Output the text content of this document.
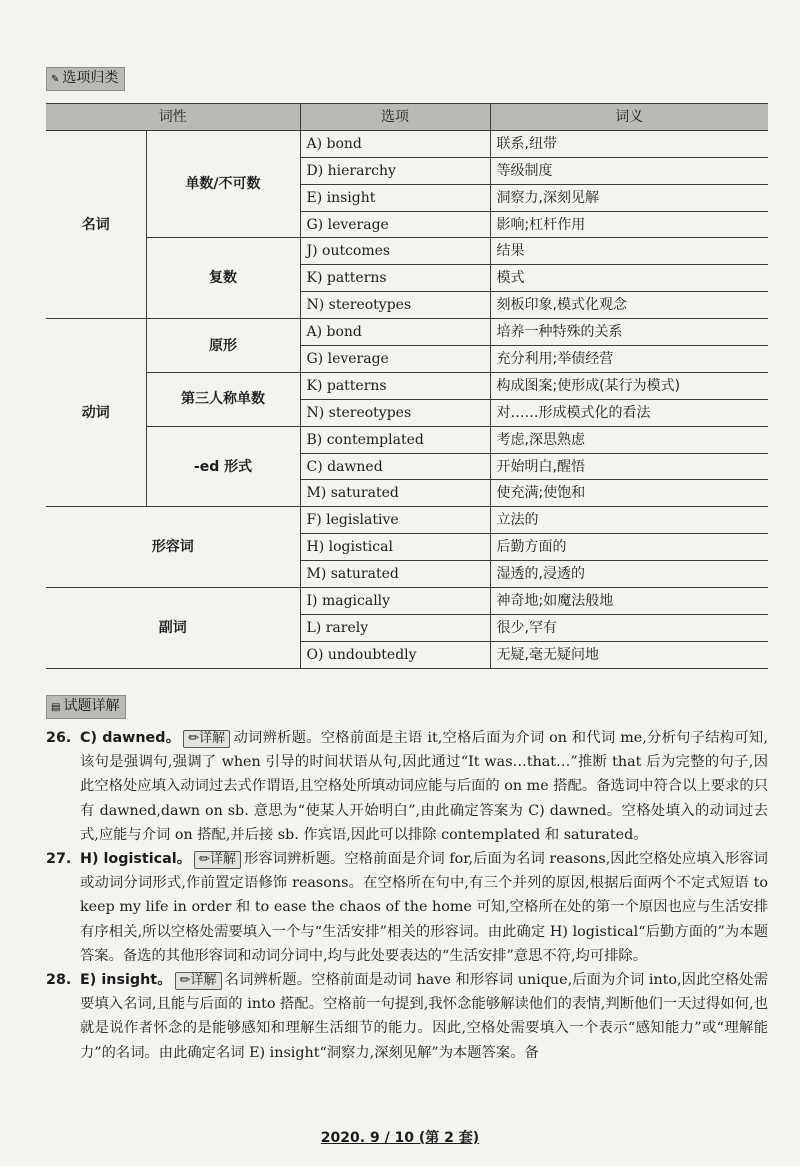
✎ 选项归类
词性		选项	词义
名词	单数/不可数	A) bond	联系,纽带
		D) hierarchy	等级制度
		E) insight	洞察力,深刻见解
		G) leverage	影响;杠杆作用
	复数	J) outcomes	结果
		K) patterns	模式
		N) stereotypes	刻板印象,模式化观念
动词	原形	A) bond	培养一种特殊的关系
		G) leverage	充分利用;举债经营
	第三人称单数	K) patterns	构成图案;使形成(某行为模式)
		N) stereotypes	对……形成模式化的看法
	-ed 形式	B) contemplated	考虑,深思熟虑
		C) dawned	开始明白,醒悟
		M) saturated	使充满;使饱和
形容词		F) legislative	立法的
		H) logistical	后勤方面的
		M) saturated	湿透的,浸透的
副词		I) magically	神奇地;如魔法般地
		L) rarely	很少,罕有
		O) undoubtedly	无疑,毫无疑问地
▤ 试题详解

26. C) dawned。 ✏详解 动词辨析题。空格前面是主语 it,空格后面为介词 on 和代词 me,分析句子结构可知,该句是强调句,强调了 when 引导的时间状语从句,因此通过“It was…that…”推断 that 后为完整的句子,因此空格处应填入动词过去式作谓语,且空格处所填动词应能与后面的 on me 搭配。备选词中符合以上要求的只有 dawned,dawn on sb. 意思为“使某人开始明白”,由此确定答案为 C) dawned。空格处填入的动词过去式,应能与介词 on 搭配,并后接 sb. 作宾语,因此可以排除 contemplated 和 saturated。

27. H) logistical。 ✏详解 形容词辨析题。空格前面是介词 for,后面为名词 reasons,因此空格处应填入形容词或动词分词形式,作前置定语修饰 reasons。在空格所在句中,有三个并列的原因,根据后面两个不定式短语 to keep my life in order 和 to ease the chaos of the home 可知,空格所在处的第一个原因也应与生活安排有序相关,所以空格处需要填入一个与“生活安排”相关的形容词。由此确定 H) logistical“后勤方面的”为本题答案。备选的其他形容词和动词分词中,均与此处要表达的“生活安排”意思不符,均可排除。

28. E) insight。 ✏详解 名词辨析题。空格前面是动词 have 和形容词 unique,后面为介词 into,因此空格处需要填入名词,且能与后面的 into 搭配。空格前一句提到,我怀念能够解读他们的表情,判断他们一天过得如何,也就是说作者怀念的是能够感知和理解生活细节的能力。因此,空格处需要填入一个表示“感知能力”或“理解能力”的名词。由此确定名词 E) insight“洞察力,深刻见解”为本题答案。备

2020. 9 / 10 (第 2 套)
